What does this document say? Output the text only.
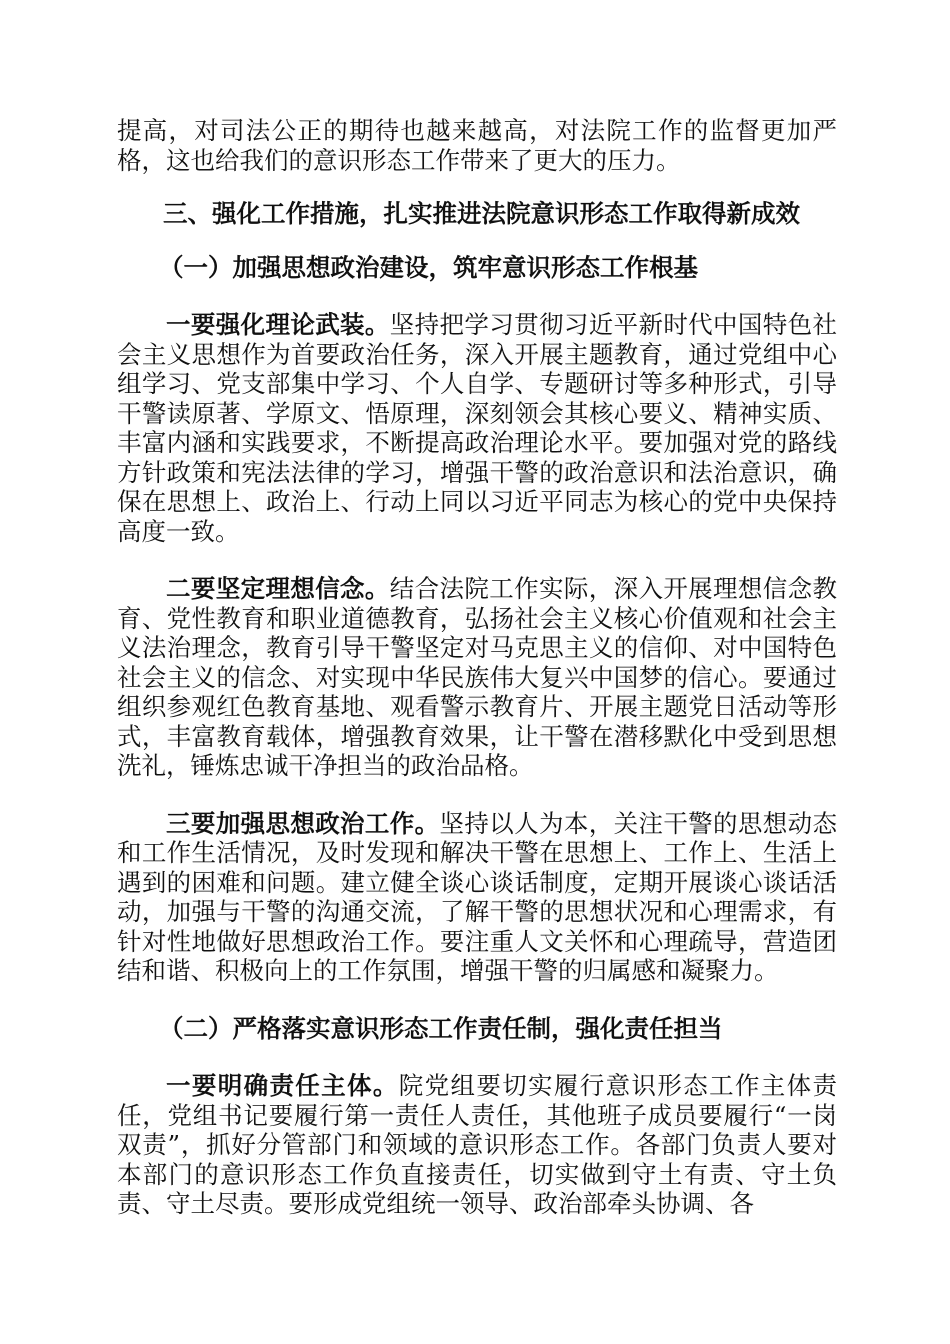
提高，对司法公正的期待也越来越高，对法院工作的监督更加严格，这也给我们的意识形态工作带来了更大的压力。

三、强化工作措施，扎实推进法院意识形态工作取得新成效

（一）加强思想政治建设，筑牢意识形态工作根基

一要强化理论武装。坚持把学习贯彻习近平新时代中国特色社会主义思想作为首要政治任务，深入开展主题教育，通过党组中心组学习、党支部集中学习、个人自学、专题研讨等多种形式，引导干警读原著、学原文、悟原理，深刻领会其核心要义、精神实质、丰富内涵和实践要求，不断提高政治理论水平。要加强对党的路线方针政策和宪法法律的学习，增强干警的政治意识和法治意识，确保在思想上、政治上、行动上同以习近平同志为核心的党中央保持高度一致。

二要坚定理想信念。结合法院工作实际，深入开展理想信念教育、党性教育和职业道德教育，弘扬社会主义核心价值观和社会主义法治理念，教育引导干警坚定对马克思主义的信仰、对中国特色社会主义的信念、对实现中华民族伟大复兴中国梦的信心。要通过组织参观红色教育基地、观看警示教育片、开展主题党日活动等形式，丰富教育载体，增强教育效果，让干警在潜移默化中受到思想洗礼，锤炼忠诚干净担当的政治品格。

三要加强思想政治工作。坚持以人为本，关注干警的思想动态和工作生活情况，及时发现和解决干警在思想上、工作上、生活上遇到的困难和问题。建立健全谈心谈话制度，定期开展谈心谈话活动，加强与干警的沟通交流，了解干警的思想状况和心理需求，有针对性地做好思想政治工作。要注重人文关怀和心理疏导，营造团结和谐、积极向上的工作氛围，增强干警的归属感和凝聚力。

（二）严格落实意识形态工作责任制，强化责任担当

一要明确责任主体。院党组要切实履行意识形态工作主体责任，党组书记要履行第一责任人责任，其他班子成员要履行“一岗双责”，抓好分管部门和领域的意识形态工作。各部门负责人要对本部门的意识形态工作负直接责任，切实做到守土有责、守土负责、守土尽责。要形成党组统一领导、政治部牵头协调、各
